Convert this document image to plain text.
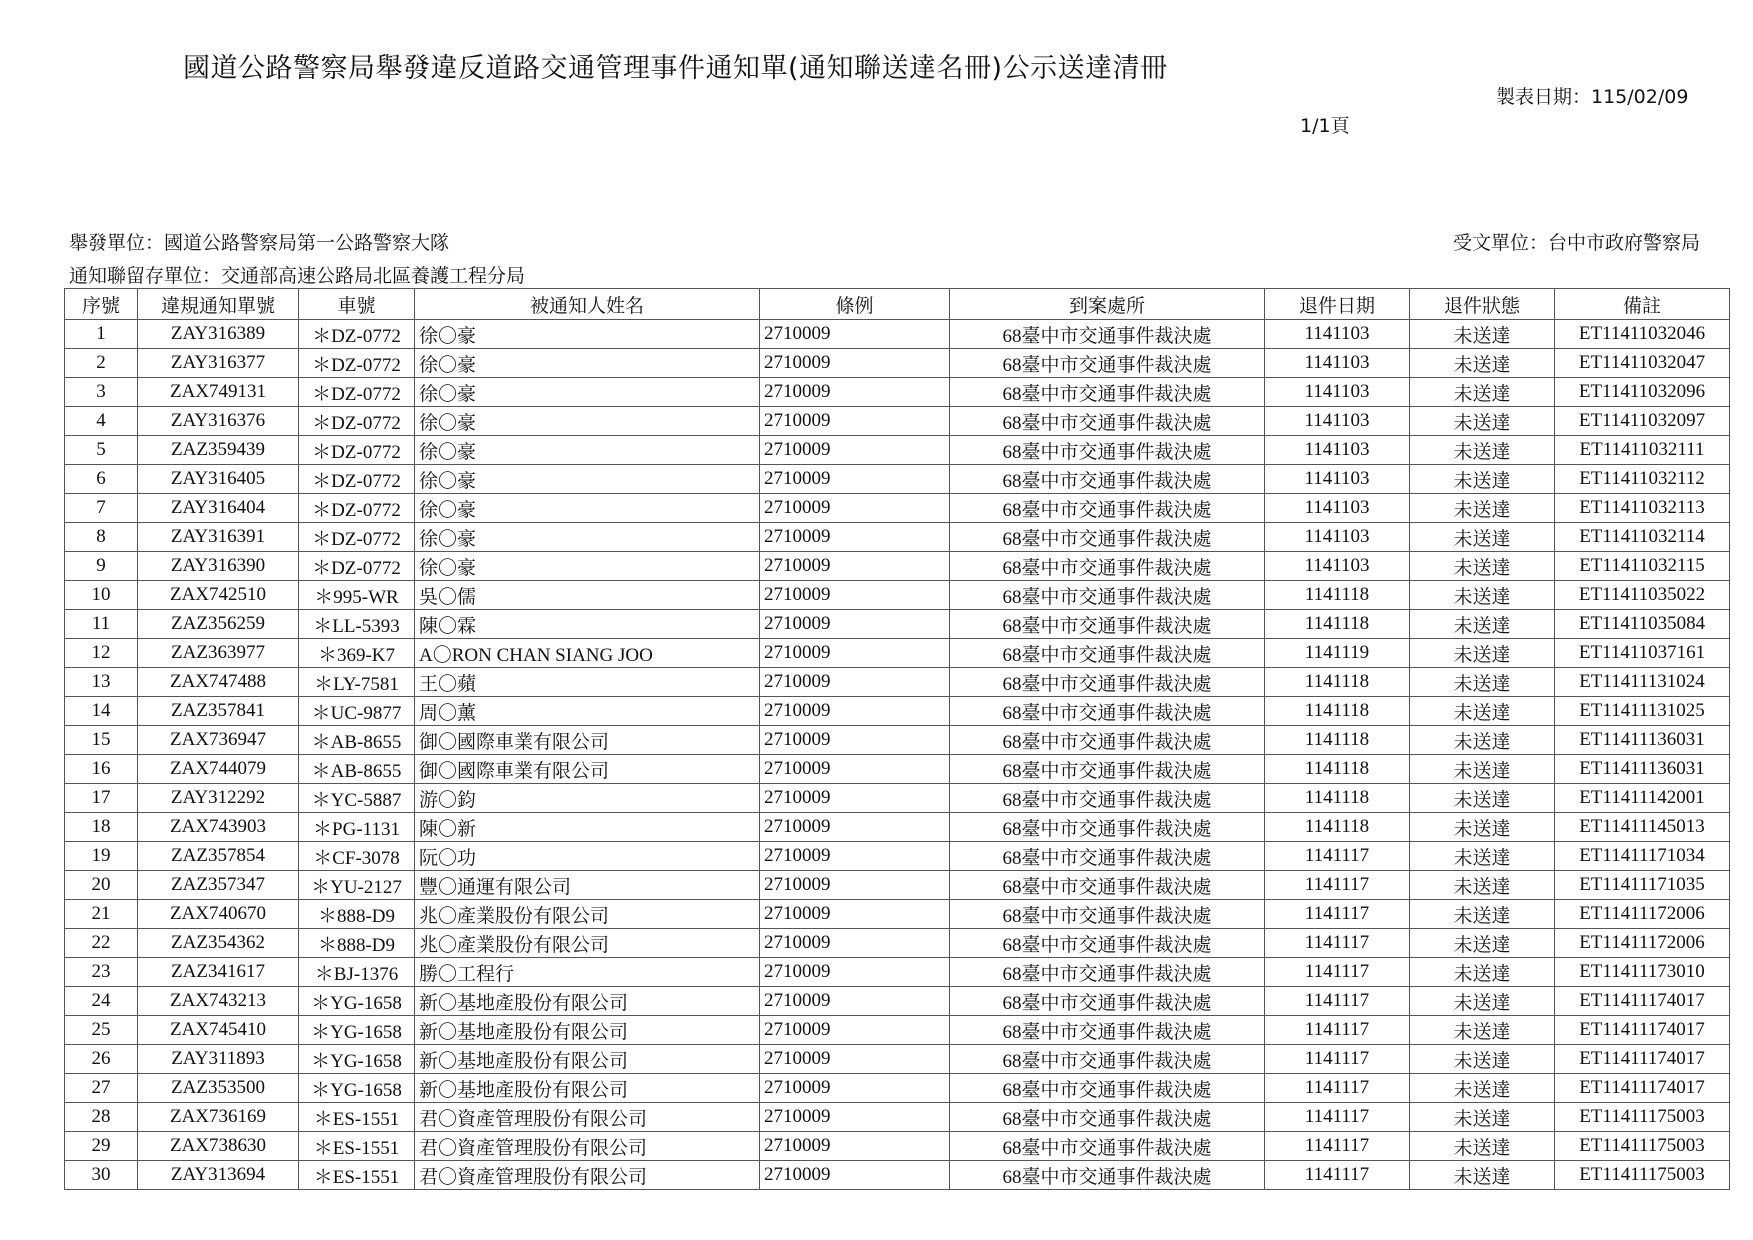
國道公路警察局舉發違反道路交通管理事件通知單(通知聯送達名冊)公示送達清冊
製表日期：115/02/09
1/1頁
舉發單位：國道公路警察局第一公路警察大隊	受文單位：台中市政府警察局
通知聯留存單位：交通部高速公路局北區養護工程分局
序號	違規通知單號	車號	被通知人姓名	條例	到案處所	退件日期	退件狀態	備註
1	ZAY316389	＊DZ-0772	徐〇豪	2710009	68臺中市交通事件裁決處	1141103	未送達	ET11411032046
2	ZAY316377	＊DZ-0772	徐〇豪	2710009	68臺中市交通事件裁決處	1141103	未送達	ET11411032047
3	ZAX749131	＊DZ-0772	徐〇豪	2710009	68臺中市交通事件裁決處	1141103	未送達	ET11411032096
4	ZAY316376	＊DZ-0772	徐〇豪	2710009	68臺中市交通事件裁決處	1141103	未送達	ET11411032097
5	ZAZ359439	＊DZ-0772	徐〇豪	2710009	68臺中市交通事件裁決處	1141103	未送達	ET11411032111
6	ZAY316405	＊DZ-0772	徐〇豪	2710009	68臺中市交通事件裁決處	1141103	未送達	ET11411032112
7	ZAY316404	＊DZ-0772	徐〇豪	2710009	68臺中市交通事件裁決處	1141103	未送達	ET11411032113
8	ZAY316391	＊DZ-0772	徐〇豪	2710009	68臺中市交通事件裁決處	1141103	未送達	ET11411032114
9	ZAY316390	＊DZ-0772	徐〇豪	2710009	68臺中市交通事件裁決處	1141103	未送達	ET11411032115
10	ZAX742510	＊995-WR	吳〇儒	2710009	68臺中市交通事件裁決處	1141118	未送達	ET11411035022
11	ZAZ356259	＊LL-5393	陳〇霖	2710009	68臺中市交通事件裁決處	1141118	未送達	ET11411035084
12	ZAZ363977	＊369-K7	A〇RON CHAN SIANG JOO	2710009	68臺中市交通事件裁決處	1141119	未送達	ET11411037161
13	ZAX747488	＊LY-7581	王〇蘋	2710009	68臺中市交通事件裁決處	1141118	未送達	ET11411131024
14	ZAZ357841	＊UC-9877	周〇薰	2710009	68臺中市交通事件裁決處	1141118	未送達	ET11411131025
15	ZAX736947	＊AB-8655	御〇國際車業有限公司	2710009	68臺中市交通事件裁決處	1141118	未送達	ET11411136031
16	ZAX744079	＊AB-8655	御〇國際車業有限公司	2710009	68臺中市交通事件裁決處	1141118	未送達	ET11411136031
17	ZAY312292	＊YC-5887	游〇鈞	2710009	68臺中市交通事件裁決處	1141118	未送達	ET11411142001
18	ZAX743903	＊PG-1131	陳〇新	2710009	68臺中市交通事件裁決處	1141118	未送達	ET11411145013
19	ZAZ357854	＊CF-3078	阮〇功	2710009	68臺中市交通事件裁決處	1141117	未送達	ET11411171034
20	ZAZ357347	＊YU-2127	豐〇通運有限公司	2710009	68臺中市交通事件裁決處	1141117	未送達	ET11411171035
21	ZAX740670	＊888-D9	兆〇產業股份有限公司	2710009	68臺中市交通事件裁決處	1141117	未送達	ET11411172006
22	ZAZ354362	＊888-D9	兆〇產業股份有限公司	2710009	68臺中市交通事件裁決處	1141117	未送達	ET11411172006
23	ZAZ341617	＊BJ-1376	勝〇工程行	2710009	68臺中市交通事件裁決處	1141117	未送達	ET11411173010
24	ZAX743213	＊YG-1658	新〇基地產股份有限公司	2710009	68臺中市交通事件裁決處	1141117	未送達	ET11411174017
25	ZAX745410	＊YG-1658	新〇基地產股份有限公司	2710009	68臺中市交通事件裁決處	1141117	未送達	ET11411174017
26	ZAY311893	＊YG-1658	新〇基地產股份有限公司	2710009	68臺中市交通事件裁決處	1141117	未送達	ET11411174017
27	ZAZ353500	＊YG-1658	新〇基地產股份有限公司	2710009	68臺中市交通事件裁決處	1141117	未送達	ET11411174017
28	ZAX736169	＊ES-1551	君〇資產管理股份有限公司	2710009	68臺中市交通事件裁決處	1141117	未送達	ET11411175003
29	ZAX738630	＊ES-1551	君〇資產管理股份有限公司	2710009	68臺中市交通事件裁決處	1141117	未送達	ET11411175003
30	ZAY313694	＊ES-1551	君〇資產管理股份有限公司	2710009	68臺中市交通事件裁決處	1141117	未送達	ET11411175003
